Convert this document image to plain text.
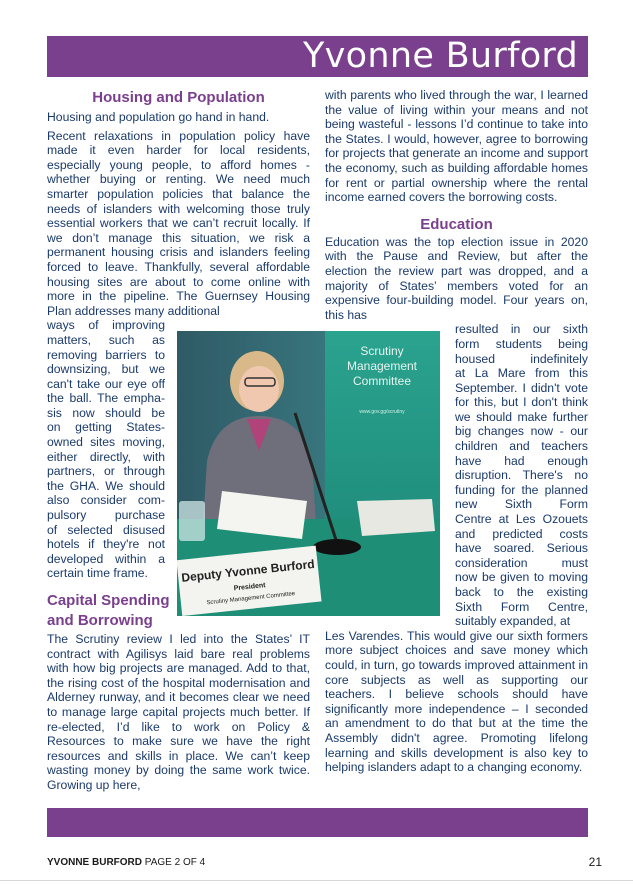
Yvonne Burford
Housing and Population

Housing and population go hand in hand.

Recent relaxations in population policy have made it even harder for local residents, especially young people, to afford homes - whether buying or renting. We need much smarter population policies that balance the needs of islanders with welcoming those truly essential workers that we can’t recruit locally. If we don’t manage this situation, we risk a permanent housing crisis and islanders feeling forced to leave. Thankfully, several affordable housing sites are about to come online with more in the pipeline. The Guernsey Housing Plan addresses many additional

ways of improving
matters, such as
removing barriers to
downsizing, but we
can't take our eye off
the ball. The empha-
sis now should be
on getting States-
owned sites moving,
either directly, with
partners, or through
the GHA. We should
also consider com-
pulsory purchase
of selected disused
hotels if they're not
developed within a
certain time frame.
Capital Spending
and Borrowing

The Scrutiny review I led into the States’ IT contract with Agilisys laid bare real problems with how big projects are managed. Add to that, the rising cost of the hospital modernisation and Alderney runway, and it becomes clear we need to manage large capital projects much better. If re-elected, I’d like to work on Policy & Resources to make sure we have the right resources and skills in place. We can’t keep wasting money by doing the same work twice. Growing up here,

with parents who lived through the war, I learned the value of living within your means and not being wasteful - lessons I’d continue to take into the States. I would, however, agree to borrowing for projects that generate an income and support the economy, such as building affordable homes for rent or partial ownership where the rental income earned covers the borrowing costs.

Education

Education was the top election issue in 2020 with the Pause and Review, but after the election the review part was dropped, and a majority of States’ members voted for an expensive four-building model. Four years on, this has

resulted in our sixth
form students being
housed indefinitely
at La Mare from this
September. I didn't vote
for this, but I don't think
we should make further
big changes now - our
children and teachers
have had enough
disruption. There's no
funding for the planned
new Sixth Form
Centre at Les Ozouets
and predicted costs
have soared. Serious
consideration must
now be given to moving
back to the existing
Sixth Form Centre,
suitably expanded, at

Les Varendes. This would give our sixth formers more subject choices and save money which could, in turn, go towards improved attainment in core subjects as well as supporting our teachers. I believe schools should have significantly more independence – I seconded an amendment to do that but at the time the Assembly didn't agree. Promoting lifelong learning and skills development is also key to helping islanders adapt to a changing economy.

Scrutiny
Management
Committee
www.gov.gg/scrutiny
Deputy Yvonne Burford
President
Scrutiny Management Committee
YVONNE BURFORD PAGE 2 OF 4	21
